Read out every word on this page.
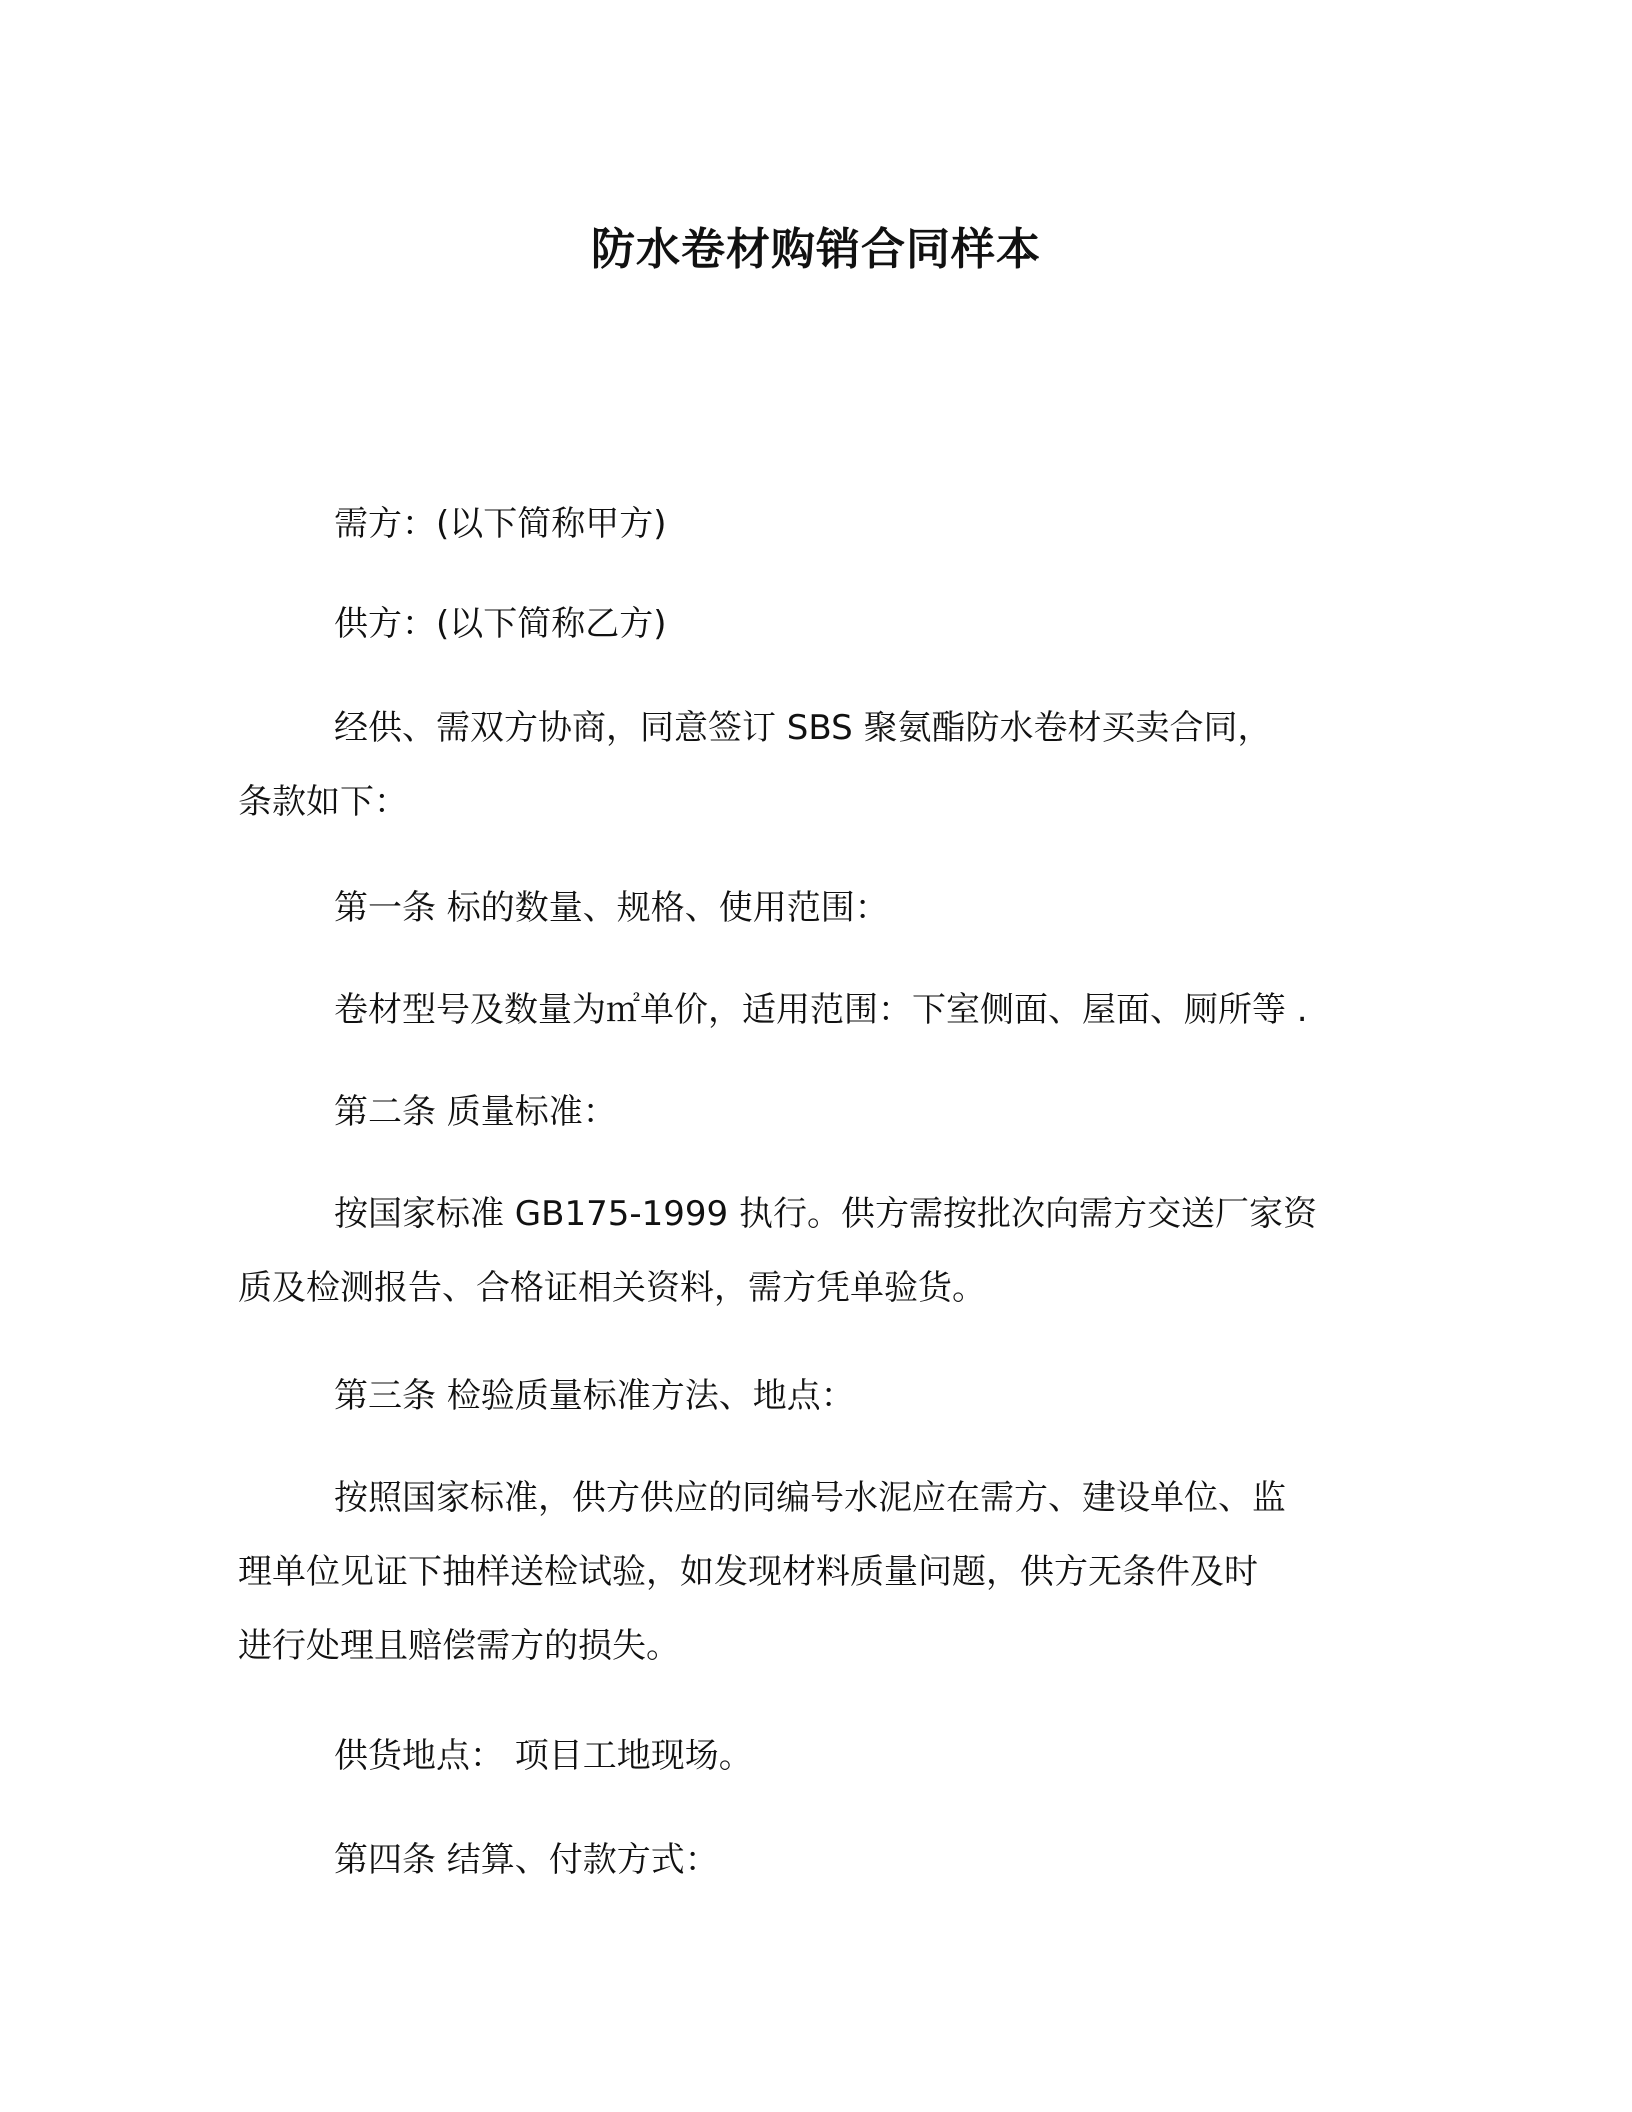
防水卷材购销合同样本
需方：(以下简称甲方)
供方：(以下简称乙方)
经供、需双方协商，同意签订 SBS 聚氨酯防水卷材买卖合同，
条款如下：
第一条 标的数量、规格、使用范围：
卷材型号及数量为㎡单价，适用范围：下室侧面、屋面、厕所等 .
第二条 质量标准：
按国家标准 GB175-1999 执行。供方需按批次向需方交送厂家资
质及检测报告、合格证相关资料，需方凭单验货。
第三条 检验质量标准方法、地点：
按照国家标准，供方供应的同编号水泥应在需方、建设单位、监
理单位见证下抽样送检试验，如发现材料质量问题，供方无条件及时
进行处理且赔偿需方的损失。
供货地点： 项目工地现场。
第四条 结算、付款方式：
